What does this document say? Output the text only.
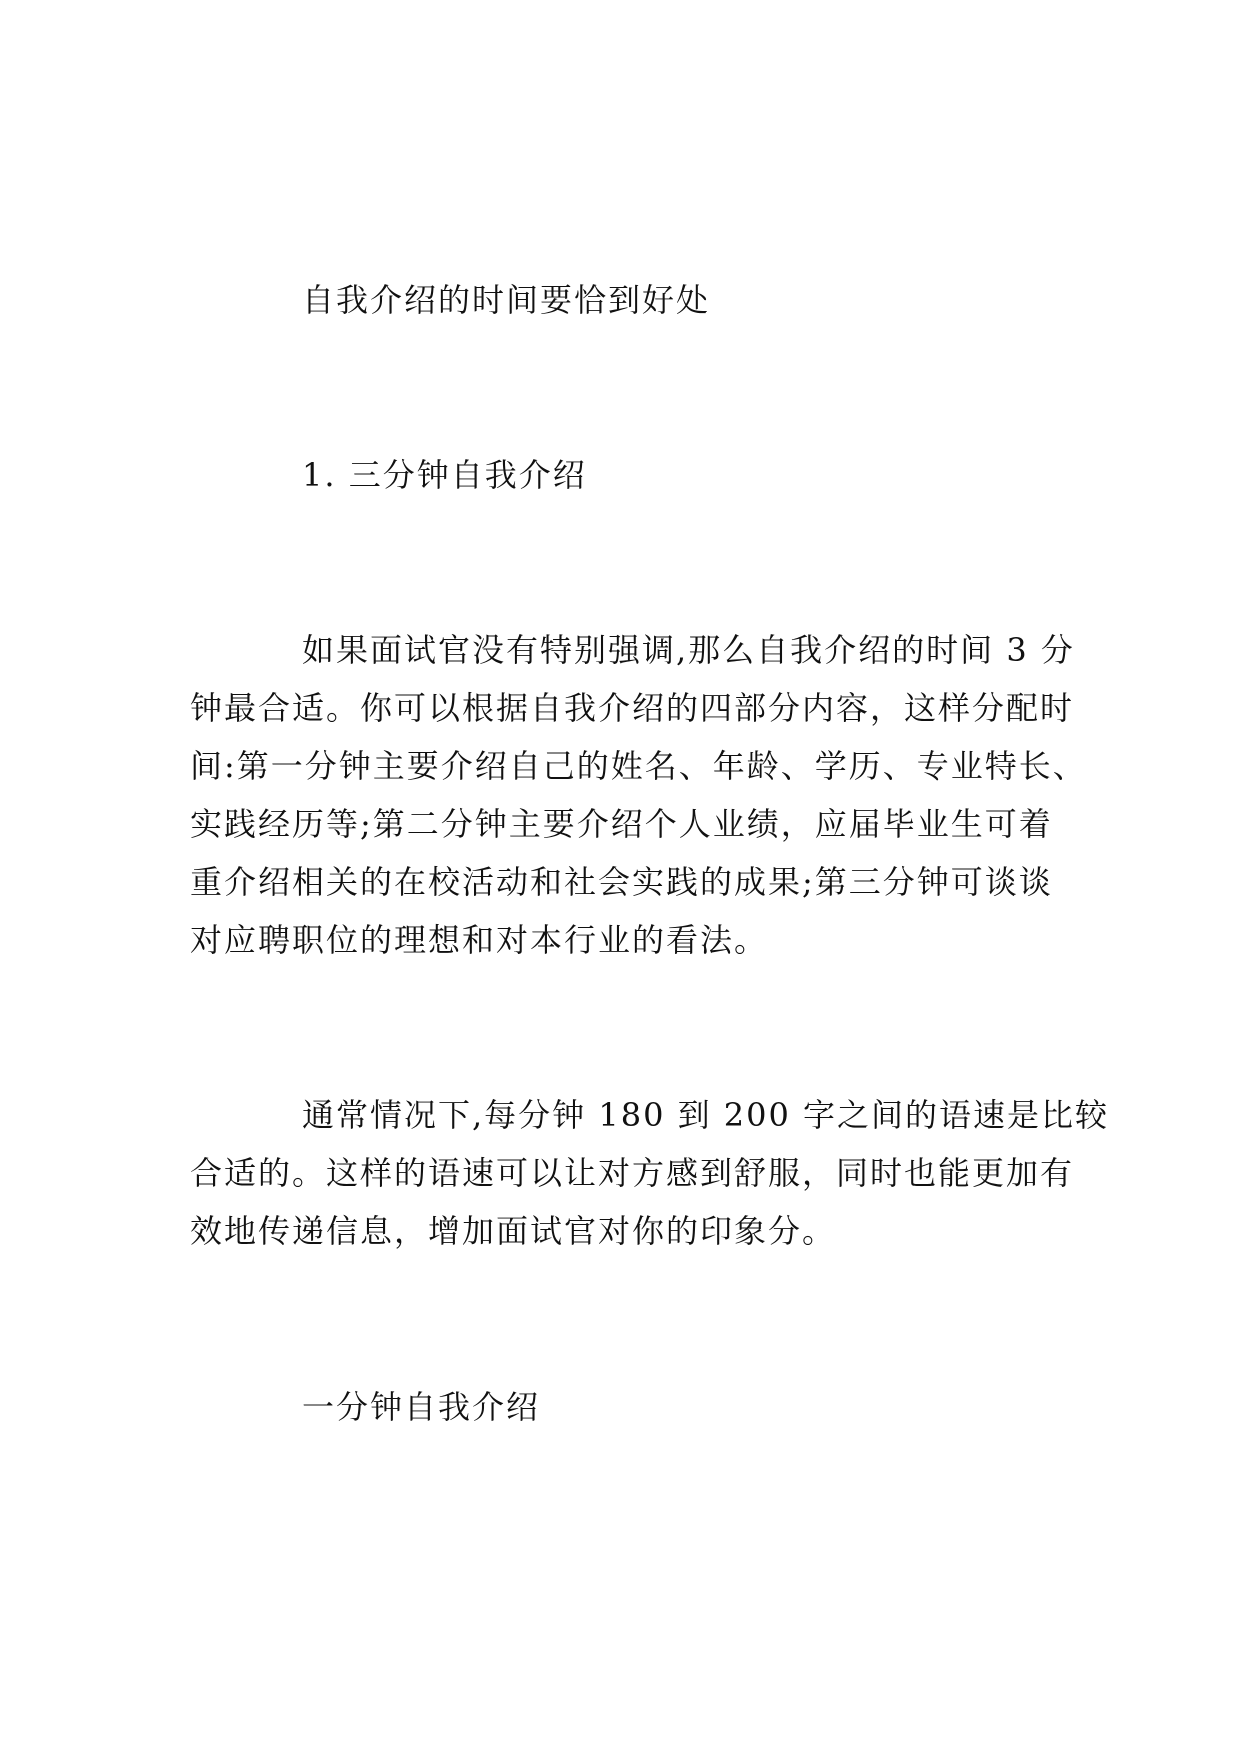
自我介绍的时间要恰到好处
1. 三分钟自我介绍
如果面试官没有特别强调,那么自我介绍的时间 3 分
钟最合适。你可以根据自我介绍的四部分内容，这样分配时
间:第一分钟主要介绍自己的姓名、年龄、学历、专业特长、
实践经历等;第二分钟主要介绍个人业绩，应届毕业生可着
重介绍相关的在校活动和社会实践的成果;第三分钟可谈谈
对应聘职位的理想和对本行业的看法。
通常情况下,每分钟 180 到 200 字之间的语速是比较
合适的。这样的语速可以让对方感到舒服，同时也能更加有
效地传递信息，增加面试官对你的印象分。
一分钟自我介绍
